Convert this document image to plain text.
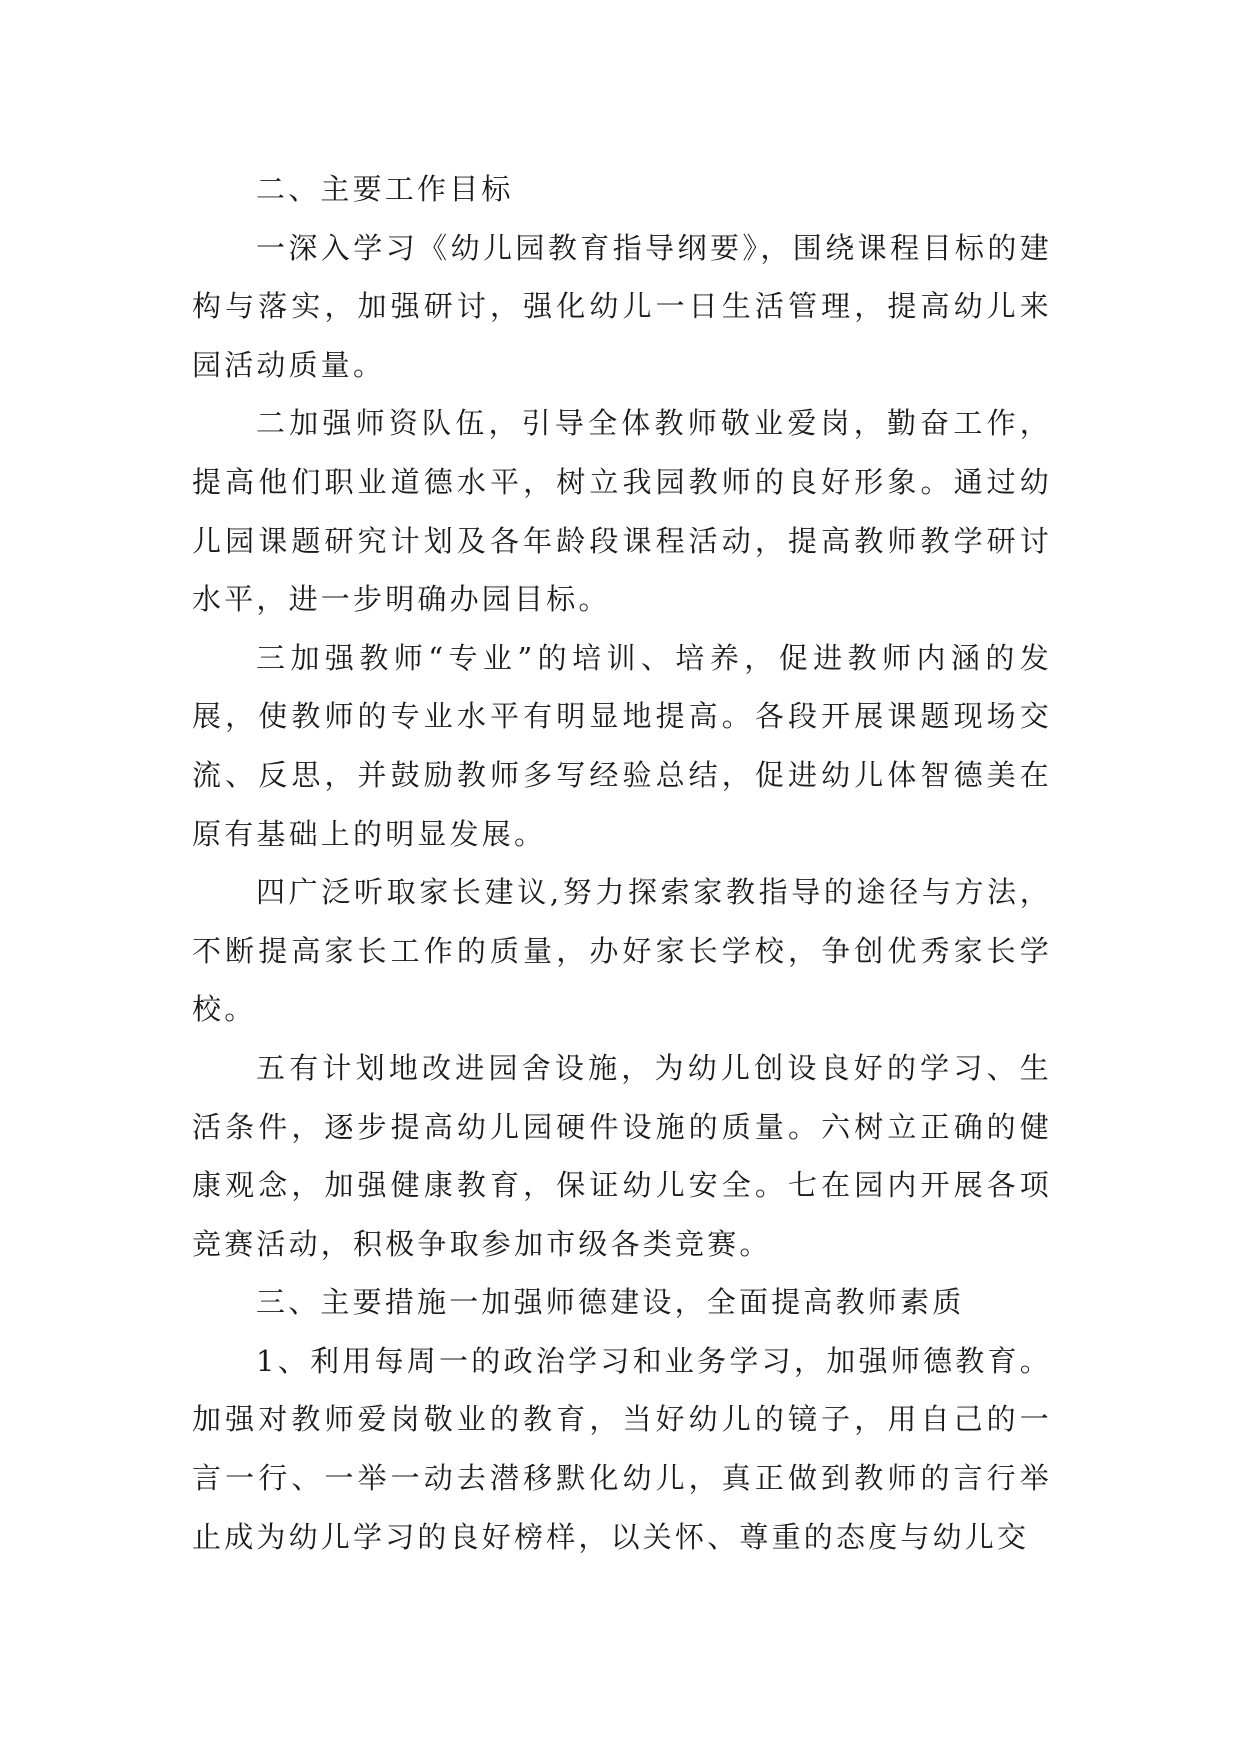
二、主要工作目标

一深入学习《幼儿园教育指导纲要》，围绕课程目标的建构与落实，加强研讨，强化幼儿一日生活管理，提高幼儿来园活动质量。

二加强师资队伍，引导全体教师敬业爱岗，勤奋工作，提高他们职业道德水平，树立我园教师的良好形象。通过幼儿园课题研究计划及各年龄段课程活动，提高教师教学研讨水平，进一步明确办园目标。

三加强教师“专业”的培训、培养，促进教师内涵的发展，使教师的专业水平有明显地提高。各段开展课题现场交流、反思，并鼓励教师多写经验总结，促进幼儿体智德美在原有基础上的明显发展。

四广泛听取家长建议,努力探索家教指导的途径与方法，不断提高家长工作的质量，办好家长学校，争创优秀家长学校。

五有计划地改进园舍设施，为幼儿创设良好的学习、生活条件，逐步提高幼儿园硬件设施的质量。六树立正确的健康观念，加强健康教育，保证幼儿安全。七在园内开展各项竞赛活动，积极争取参加市级各类竞赛。

三、主要措施一加强师德建设，全面提高教师素质

1、利用每周一的政治学习和业务学习，加强师德教育。加强对教师爱岗敬业的教育，当好幼儿的镜子，用自己的一言一行、一举一动去潜移默化幼儿，真正做到教师的言行举止成为幼儿学习的良好榜样，以关怀、尊重的态度与幼儿交
